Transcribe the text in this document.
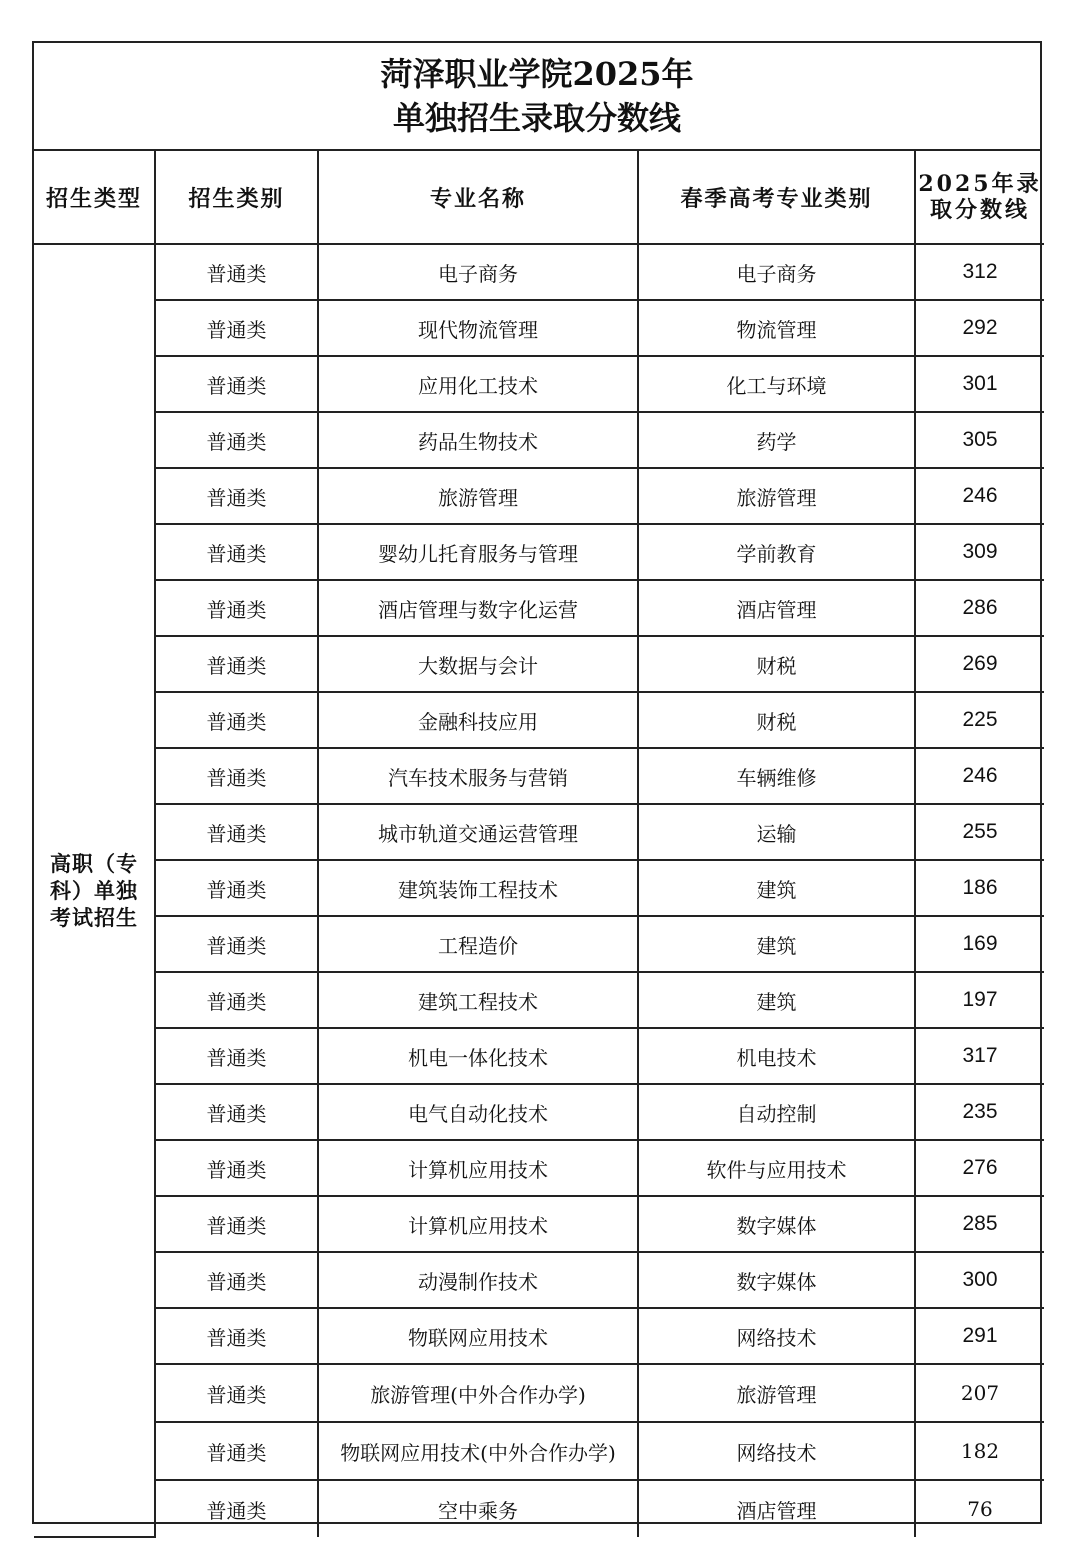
菏泽职业学院2025年
单独招生录取分数线
招生类型	招生类别	专业名称	春季高考专业类别	2025年录取分数线
高职（专科）单独考试招生	普通类	电子商务	电子商务	312
	普通类	现代物流管理	物流管理	292
	普通类	应用化工技术	化工与环境	301
	普通类	药品生物技术	药学	305
	普通类	旅游管理	旅游管理	246
	普通类	婴幼儿托育服务与管理	学前教育	309
	普通类	酒店管理与数字化运营	酒店管理	286
	普通类	大数据与会计	财税	269
	普通类	金融科技应用	财税	225
	普通类	汽车技术服务与营销	车辆维修	246
	普通类	城市轨道交通运营管理	运输	255
	普通类	建筑装饰工程技术	建筑	186
	普通类	工程造价	建筑	169
	普通类	建筑工程技术	建筑	197
	普通类	机电一体化技术	机电技术	317
	普通类	电气自动化技术	自动控制	235
	普通类	计算机应用技术	软件与应用技术	276
	普通类	计算机应用技术	数字媒体	285
	普通类	动漫制作技术	数字媒体	300
	普通类	物联网应用技术	网络技术	291
	普通类	旅游管理(中外合作办学)	旅游管理	207
	普通类	物联网应用技术(中外合作办学)	网络技术	182
	普通类	空中乘务	酒店管理	76
